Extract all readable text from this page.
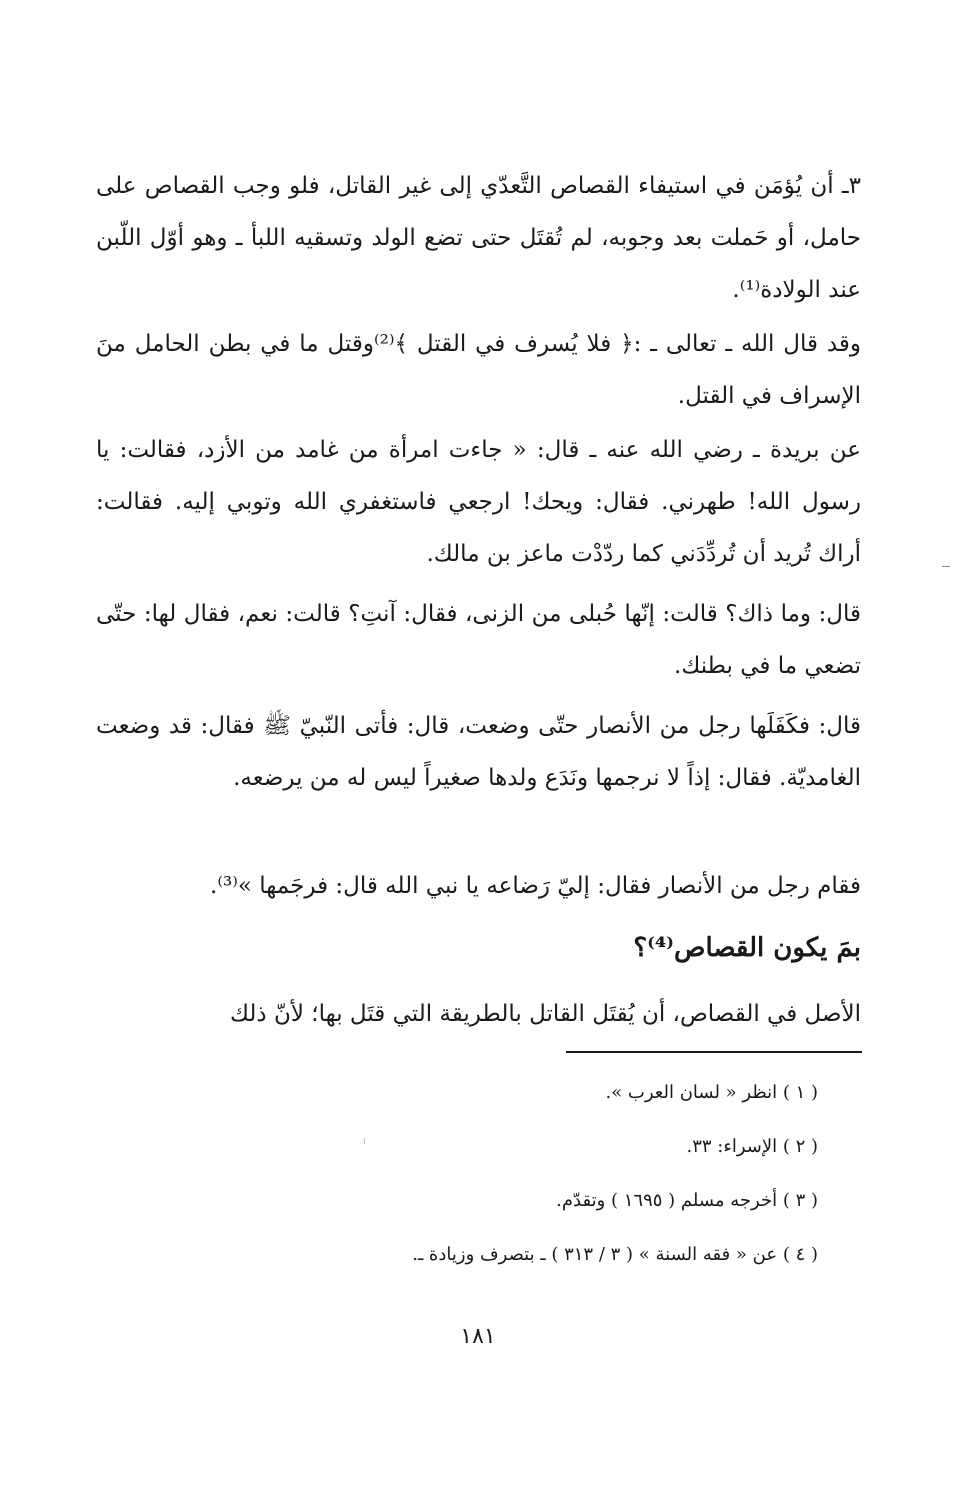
٣ـ أن يُؤمَن في استيفاء القصاص التَّعدّي إلى غير القاتل، فلو وجب القصاص على حامل، أو حَملت بعد وجوبه، لم تُقتَل حتى تضع الولد وتسقيه اللبأ ـ وهو أوّل اللّبن عند الولادة⁽¹⁾.

وقد قال الله ـ تعالى ـ :﴿ فلا يُسرف في القتل ﴾⁽²⁾وقتل ما في بطن الحامل منَ الإسراف في القتل.

عن بريدة ـ رضي الله عنه ـ قال: « جاءت امرأة من غامد من الأزد، فقالت: يا رسول الله! طهرني. فقال: ويحك! ارجعي فاستغفري الله وتوبي إليه. فقالت: أراك تُريد أن تُردِّدَني كما ردّدْت ماعز بن مالك.

قال: وما ذاك؟ قالت: إنّها حُبلى من الزنى، فقال: آنتِ؟ قالت: نعم، فقال لها: حتّى تضعي ما في بطنك.

قال: فكَفَلَها رجل من الأنصار حتّى وضعت، قال: فأتى النّبيّ ﷺ فقال: قد وضعت الغامديّة. فقال: إذاً لا نرجمها ونَدَع ولدها صغيراً ليس له من يرضعه.

فقام رجل من الأنصار فقال: إليّ رَضاعه يا نبي الله قال: فرجَمها »⁽³⁾.

بمَ يكون القصاص⁽⁴⁾؟

الأصل في القصاص، أن يُقتَل القاتل بالطريقة التي قتَل بها؛ لأنّ ذلك

( ١ ) انظر « لسان العرب ».

( ٢ ) الإسراء: ٣٣.

( ٣ ) أخرجه مسلم ( ١٦٩٥ ) وتقدّم.

( ٤ ) عن « فقه السنة » ( ٣ / ٣١٣ ) ـ بتصرف وزيادة ـ.

١٨١
